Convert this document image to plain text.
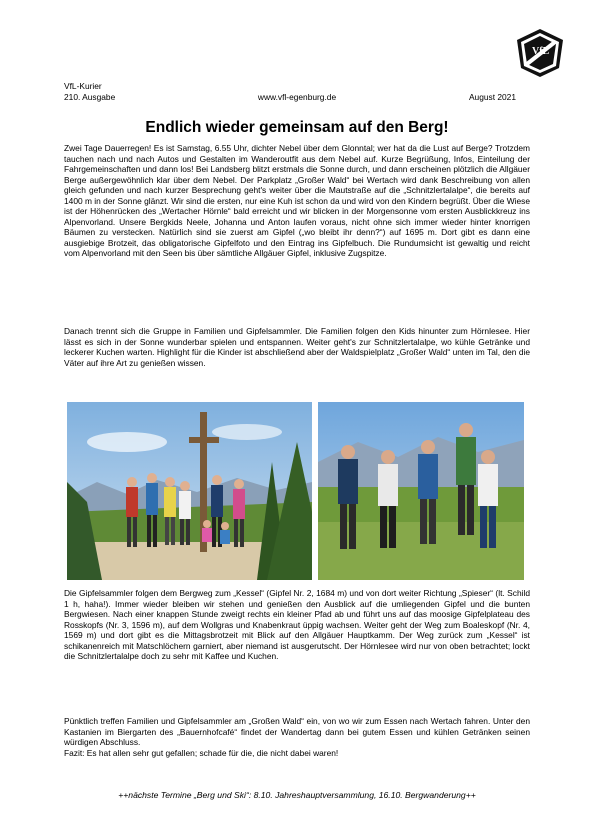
VfL
VfL-Kurier
210. Ausgabe	www.vfl-egenburg.de	August 2021
Endlich wieder gemeinsam auf den Berg!

Zwei Tage Dauerregen! Es ist Samstag, 6.55 Uhr, dichter Nebel über dem Glonntal; wer hat da die Lust auf Berge? Trotzdem tauchen nach und nach Autos und Gestalten im Wanderoutfit aus dem Nebel auf. Kurze Begrüßung, Infos, Einteilung der Fahrgemeinschaften und dann los! Bei Landsberg blitzt erstmals die Sonne durch, und dann erscheinen plötzlich die Allgäuer Berge außergewöhnlich klar über dem Nebel. Der Parkplatz „Großer Wald“ bei Wertach wird dank Beschreibung von allen gleich gefunden und nach kurzer Besprechung geht's weiter über die Mautstraße auf die „Schnitzlertalalpe“, die bereits auf 1400 m in der Sonne glänzt. Wir sind die ersten, nur eine Kuh ist schon da und wird von den Kindern begrüßt. Über die Wiese ist der Höhenrücken des „Wertacher Hörnle“ bald erreicht und wir blicken in der Morgensonne vom ersten Ausblickkreuz ins Alpenvorland. Unsere Bergkids Neele, Johanna und Anton laufen voraus, nicht ohne sich immer wieder hinter knorrigen Bäumen zu verstecken. Natürlich sind sie zuerst am Gipfel („wo bleibt ihr denn?“) auf 1695 m. Dort gibt es dann eine ausgiebige Brotzeit, das obligatorische Gipfelfoto und den Eintrag ins Gipfelbuch. Die Rundumsicht ist gewaltig und reicht vom Alpenvorland mit den Seen bis über sämtliche Allgäuer Gipfel, inklusive Zugspitze.

Danach trennt sich die Gruppe in Familien und Gipfelsammler. Die Familien folgen den Kids hinunter zum Hörnlesee. Hier lässt es sich in der Sonne wunderbar spielen und entspannen. Weiter geht's zur Schnitzlertalalpe, wo kühle Getränke und leckerer Kuchen warten. Highlight für die Kinder ist abschließend aber der Waldspielplatz „Großer Wald“ unten im Tal, den die Väter auf ihre Art zu genießen wissen.

Die Gipfelsammler folgen dem Bergweg zum „Kessel“ (Gipfel Nr. 2, 1684 m) und von dort weiter Richtung „Spieser“ (lt. Schild 1 h, haha!). Immer wieder bleiben wir stehen und genießen den Ausblick auf die umliegenden Gipfel und die bunten Bergwiesen. Nach einer knappen Stunde zweigt rechts ein kleiner Pfad ab und führt uns auf das moosige Gipfelplateau des Rosskopfs (Nr. 3, 1596 m), auf dem Wollgras und Knabenkraut üppig wachsen. Weiter geht der Weg zum Boaleskopf (Nr. 4, 1569 m) und dort gibt es die Mittagsbrotzeit mit Blick auf den Allgäuer Hauptkamm. Der Weg zurück zum „Kessel“ ist schikanenreich mit Matschlöchern garniert, aber niemand ist ausgerutscht. Der Hörnlesee wird nur von oben betrachtet; lockt die Schnitzlertalalpe doch zu sehr mit Kaffee und Kuchen.

Pünktlich treffen Familien und Gipfelsammler am „Großen Wald“ ein, von wo wir zum Essen nach Wertach fahren. Unter den Kastanien im Biergarten des „Bauernhofcafé“ findet der Wandertag dann bei gutem Essen und kühlen Getränken seinen würdigen Abschluss.
Fazit: Es hat allen sehr gut gefallen; schade für die, die nicht dabei waren!

++nächste Termine „Berg und Ski“: 8.10. Jahreshauptversammlung, 16.10. Bergwanderung++
